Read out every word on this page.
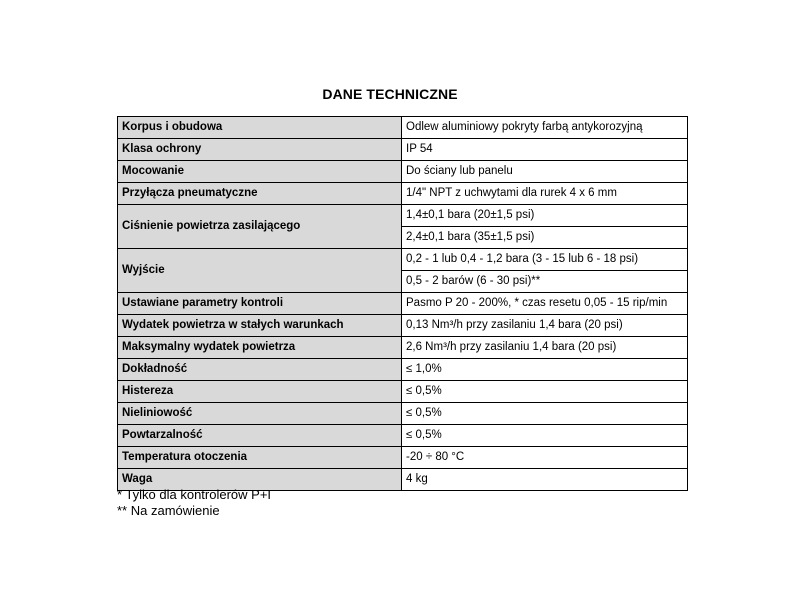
DANE TECHNICZNE
Korpus i obudowa	Odlew aluminiowy pokryty farbą antykorozyjną
Klasa ochrony	IP 54
Mocowanie	Do ściany lub panelu
Przyłącza pneumatyczne	1/4" NPT z uchwytami dla rurek 4 x 6 mm
Ciśnienie powietrza zasilającego	1,4±0,1 bara (20±1,5 psi)
	2,4±0,1 bara (35±1,5 psi)
Wyjście	0,2 - 1 lub 0,4 - 1,2 bara (3 - 15 lub 6 - 18 psi)
	0,5 - 2 barów (6 - 30 psi)**
Ustawiane parametry kontroli	Pasmo P 20 - 200%, * czas resetu 0,05 - 15 rip/min
Wydatek powietrza w stałych warunkach	0,13 Nm³/h przy zasilaniu 1,4 bara (20 psi)
Maksymalny wydatek powietrza	2,6 Nm³/h przy zasilaniu 1,4 bara (20 psi)
Dokładność	≤ 1,0%
Histereza	≤ 0,5%
Nieliniowość	≤ 0,5%
Powtarzalność	≤ 0,5%
Temperatura otoczenia	-20 ÷ 80 °C
Waga	4 kg
* Tylko dla kontrolerów P+I
** Na zamówienie
